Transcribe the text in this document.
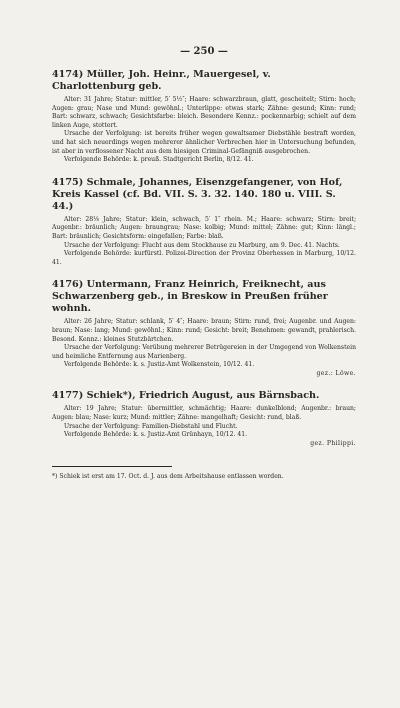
— 250 —

4174) Müller, Joh. Heinr., Mauergesel, v. Charlottenburg geb.

Alter: 31 Jahre; Statur: mittler, 5′ 5½″; Haare: schwarzbraun, glatt, gescheitelt; Stirn: hoch; Augen: grau; Nase und Mund: gewöhnl.; Unterlippe: etwas stark; Zähne: gesund; Kinn: rund; Bart: schwarz, schwach; Gesichtsfarbe: bleich. Besondere Kennz.: pockennarbig; schielt auf dem linken Auge, stottert.

Ursache der Verfolgung: ist bereits früher wegen gewaltsamer Diebstähle bestraft worden, und hat sich neuerdings wegen mehrerer ähnlicher Verbrechen hier in Untersuchung befunden, ist aber in verflossener Nacht aus dem hiesigen Criminal-Gefängniß ausgebrochen.

Verfolgende Behörde: k. preuß. Stadtgericht Berlin, 8/12. 41.

4175) Schmale, Johannes, Eisenzgefangener, von Hof, Kreis Kassel (cf. Bd. VII. S. 3. 32. 140. 180 u. VIII. S. 44.)

Alter: 28⅛ Jahre; Statur: klein, schwach, 5′ 1″ rhein. M.; Haare: schwarz; Stirn: breit; Augenbr.: bräunlich; Augen: braungrau; Nase: kolbig; Mund: mittel; Zähne: gut; Kinn: längl.; Bart: bräunlich; Gesichtsform: eingefallen; Farbe: blaß.

Ursache der Verfolgung: Flucht aus dem Stockhause zu Marburg, am 9. Dec. 41. Nachts.

Verfolgende Behörde: kurfürstl. Polizei-Direction der Provinz Oberhessen in Marburg, 10/12. 41.

4176) Untermann, Franz Heinrich, Freiknecht, aus Schwarzenberg geb., in Breskow in Preußen früher wohnh.

Alter: 26 Jahre; Statur: schlank, 5′ 4″; Haare: braun; Stirn: rund, frei; Augenbr. und Augen: braun; Nase: lang; Mund: gewöhnl.; Kinn: rund; Gesicht: breit; Benehmen: gewandt, prahlerisch. Besond. Kennz.: kleines Stutzbärtchen.

Ursache der Verfolgung: Verübung mehrerer Betrügereien in der Umgegend von Wolkenstein und heimliche Entfernung aus Marienberg.

Verfolgende Behörde: k. s. Justiz-Amt Wolkenstein, 10/12. 41.

gez.: Löwe.

4177) Schiek*), Friedrich August, aus Bärnsbach.

Alter: 19 Jahre; Statur: übermittler, schmächtig; Haare: dunkelblond; Augenbr.: braun; Augen: blau; Nase: kurz; Mund: mittler; Zähne: mangelhaft; Gesicht: rund, blaß.

Ursache der Verfolgung: Familien-Diebstahl und Flucht.

Verfolgende Behörde: k. s. Justiz-Amt Grünhayn, 10/12. 41.

gez. Philippi.

*) Schiek ist erst am 17. Oct. d. J. aus dem Arbeitshause entlassen worden.
